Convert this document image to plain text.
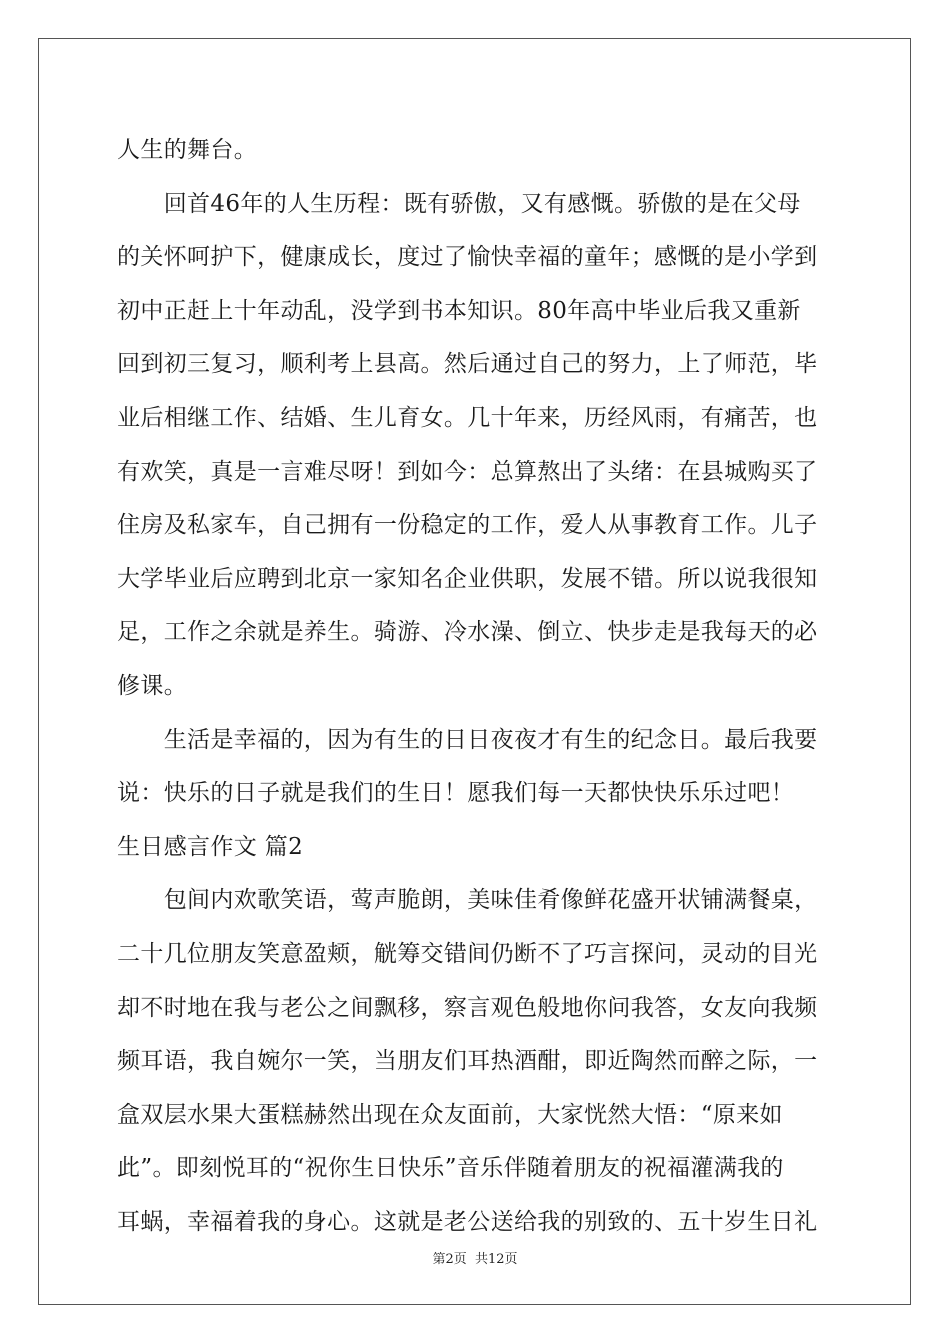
人生的舞台。
　　回首46年的人生历程：既有骄傲，又有感慨。骄傲的是在父母
的关怀呵护下，健康成长，度过了愉快幸福的童年；感慨的是小学到
初中正赶上十年动乱，没学到书本知识。80年高中毕业后我又重新
回到初三复习，顺利考上县高。然后通过自己的努力，上了师范，毕
业后相继工作、结婚、生儿育女。几十年来，历经风雨，有痛苦，也
有欢笑，真是一言难尽呀！到如今：总算熬出了头绪：在县城购买了
住房及私家车，自己拥有一份稳定的工作，爱人从事教育工作。儿子
大学毕业后应聘到北京一家知名企业供职，发展不错。所以说我很知
足，工作之余就是养生。骑游、冷水澡、倒立、快步走是我每天的必
修课。
　　生活是幸福的，因为有生的日日夜夜才有生的纪念日。最后我要
说：快乐的日子就是我们的生日！愿我们每一天都快快乐乐过吧！
生日感言作文 篇2
　　包间内欢歌笑语，莺声脆朗，美味佳肴像鲜花盛开状铺满餐桌，
二十几位朋友笑意盈颊，觥筹交错间仍断不了巧言探问，灵动的目光
却不时地在我与老公之间飘移，察言观色般地你问我答，女友向我频
频耳语，我自婉尔一笑，当朋友们耳热酒酣，即近陶然而醉之际，一
盒双层水果大蛋糕赫然出现在众友面前，大家恍然大悟：“原来如
此”。即刻悦耳的“祝你生日快乐”音乐伴随着朋友的祝福灌满我的
耳蜗，幸福着我的身心。这就是老公送给我的别致的、五十岁生日礼
第2页 共12页
